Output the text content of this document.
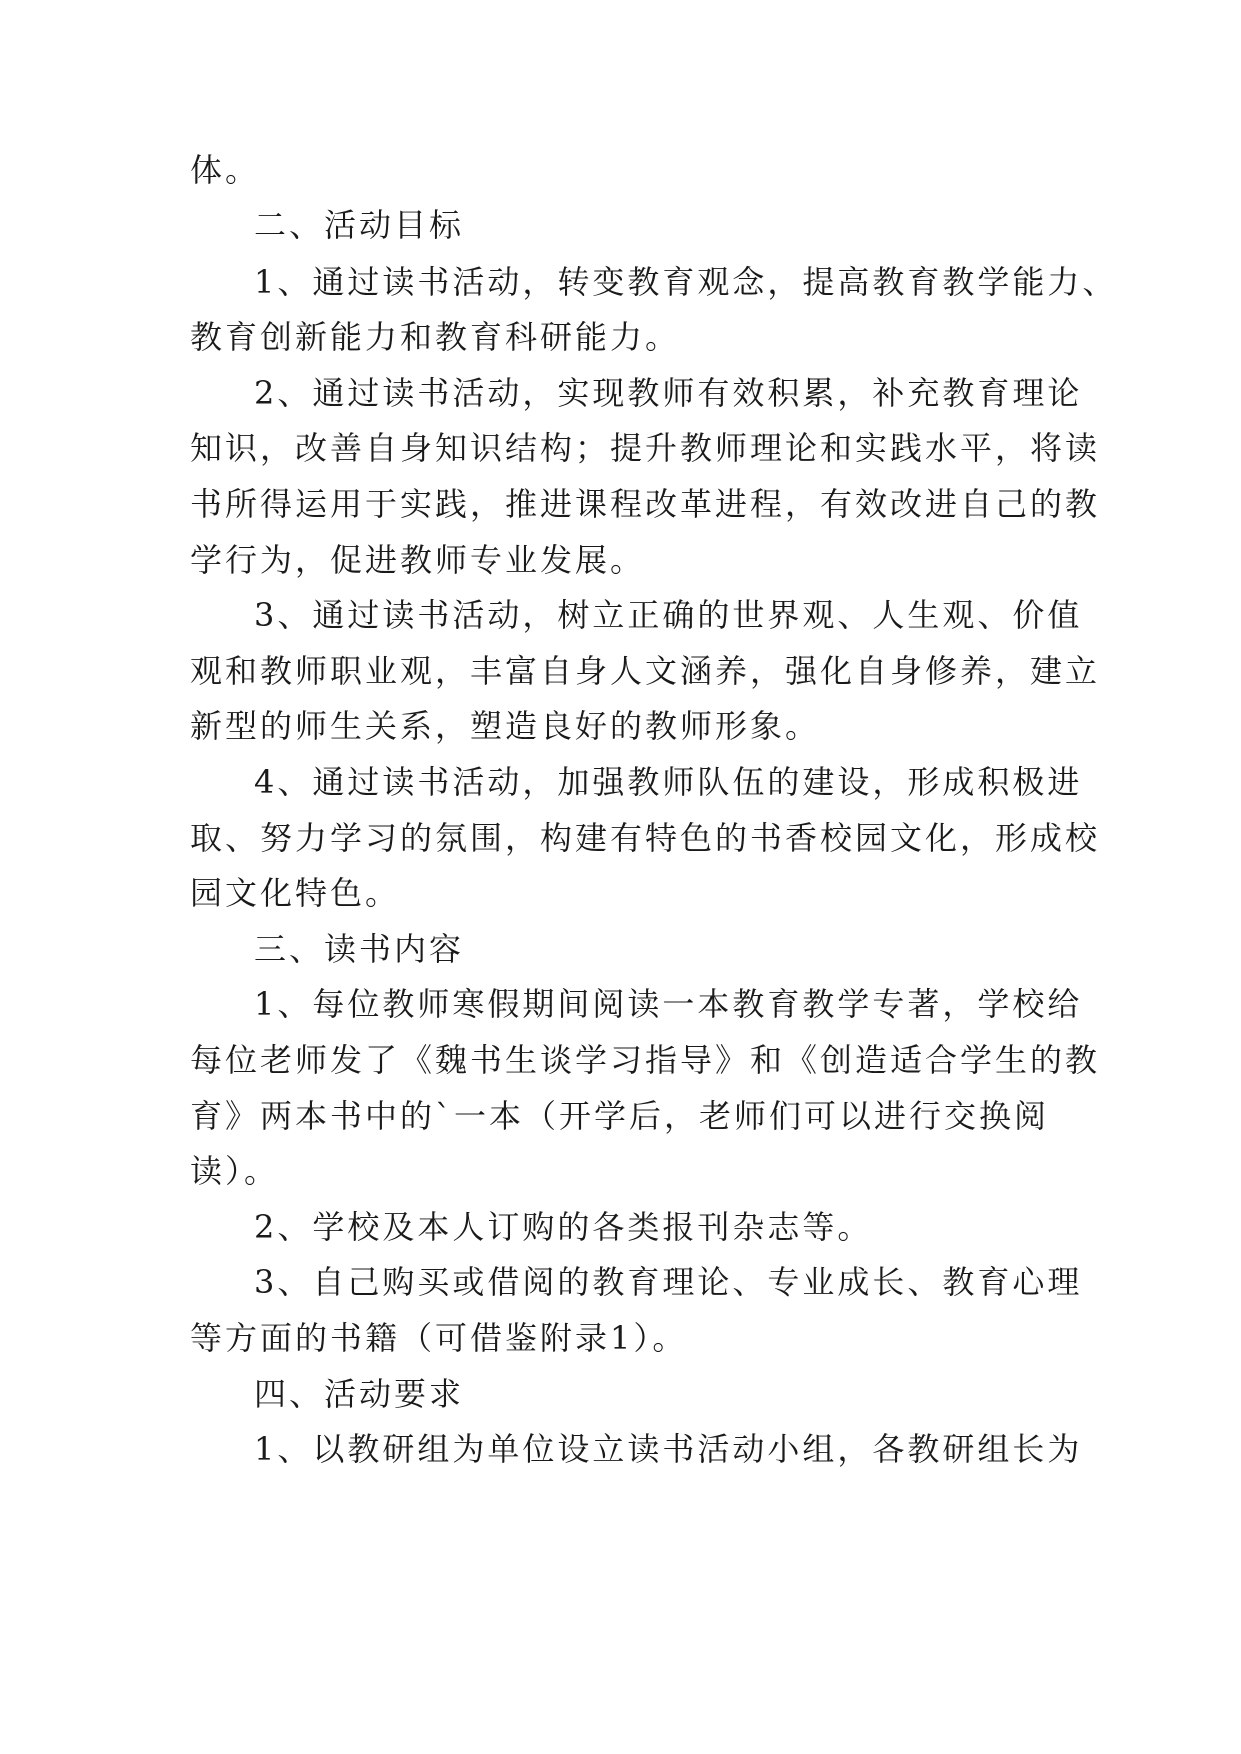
体。
二、活动目标
1、通过读书活动，转变教育观念，提高教育教学能力、
教育创新能力和教育科研能力。
2、通过读书活动，实现教师有效积累，补充教育理论
知识，改善自身知识结构；提升教师理论和实践水平，将读
书所得运用于实践，推进课程改革进程，有效改进自己的教
学行为，促进教师专业发展。
3、通过读书活动，树立正确的世界观、人生观、价值
观和教师职业观，丰富自身人文涵养，强化自身修养，建立
新型的师生关系，塑造良好的教师形象。
4、通过读书活动，加强教师队伍的建设，形成积极进
取、努力学习的氛围，构建有特色的书香校园文化，形成校
园文化特色。
三、读书内容
1、每位教师寒假期间阅读一本教育教学专著，学校给
每位老师发了《魏书生谈学习指导》和《创造适合学生的教
育》两本书中的`一本（开学后，老师们可以进行交换阅
读）。
2、学校及本人订购的各类报刊杂志等。
3、自己购买或借阅的教育理论、专业成长、教育心理
等方面的书籍（可借鉴附录1）。
四、活动要求
1、以教研组为单位设立读书活动小组，各教研组长为
